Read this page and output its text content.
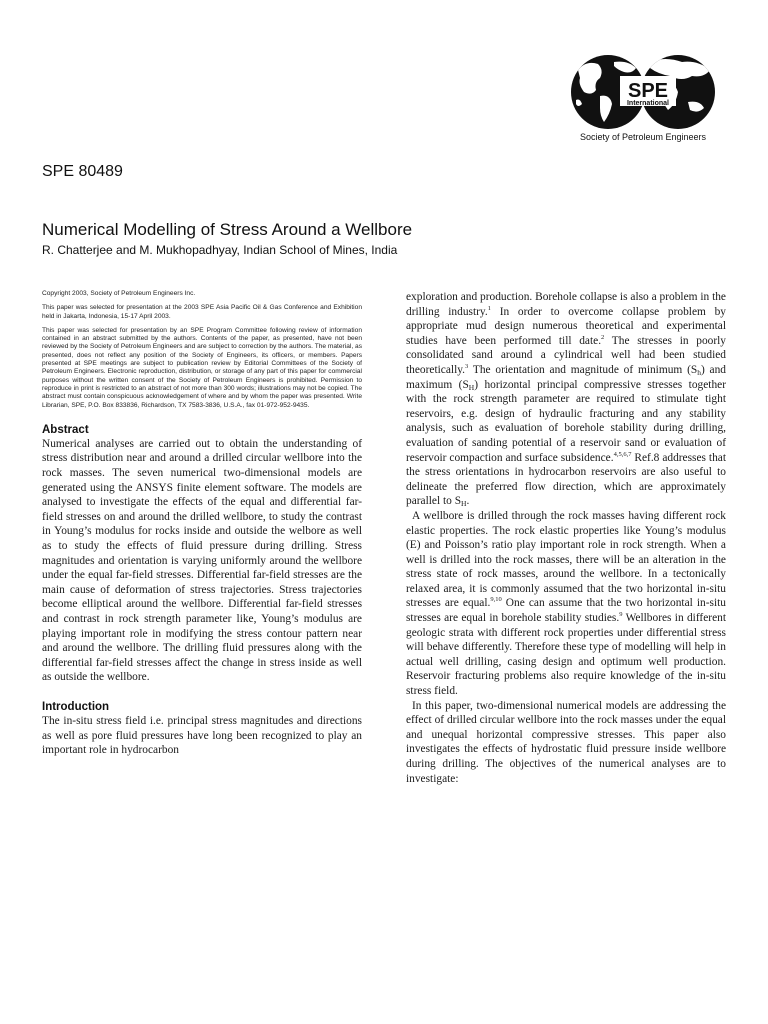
SPE
International
Society of Petroleum Engineers
SPE 80489
Numerical Modelling of Stress Around a Wellbore
R. Chatterjee and M. Mukhopadhyay, Indian School of Mines, India

Copyright 2003, Society of Petroleum Engineers Inc.

This paper was selected for presentation at the 2003 SPE Asia Pacific Oil & Gas Conference and Exhibition held in Jakarta, Indonesia, 15-17 April 2003.

This paper was selected for presentation by an SPE Program Committee following review of information contained in an abstract submitted by the authors. Contents of the paper, as presented, have not been reviewed by the Society of Petroleum Engineers and are subject to correction by the authors. The material, as presented, does not reflect any position of the Society of Engineers, its officers, or members. Papers presented at SPE meetings are subject to publication review by Editorial Committees of the Society of Petroleum Engineers. Electronic reproduction, distribution, or storage of any part of this paper for commercial purposes without the written consent of the Society of Petroleum Engineers is prohibited. Permission to reproduce in print is restricted to an abstract of not more than 300 words; illustrations may not be copied. The abstract must contain conspicuous acknowledgement of where and by whom the paper was presented. Write Librarian, SPE, P.O. Box 833836, Richardson, TX 7583-3836, U.S.A., fax 01-972-952-9435.

Abstract

Numerical analyses are carried out to obtain the understanding of stress distribution near and around a drilled circular wellbore into the rock masses. The seven numerical two-dimensional models are generated using the ANSYS finite element software. The models are analysed to investigate the effects of the equal and differential far-field stresses on and around the drilled wellbore, to study the contrast in Young’s modulus for rocks inside and outside the welbore as well as to study the effects of fluid pressure during drilling. Stress magnitudes and orientation is varying uniformly around the wellbore under the equal far-field stresses. Differential far-field stresses are the main cause of deformation of stress trajectories. Stress trajectories become elliptical around the wellbore. Differential far-field stresses and contrast in rock strength parameter like, Young’s modulus are playing important role in modifying the stress contour pattern near and around the wellbore. The drilling fluid pressures along with the differential far-field stresses affect the change in stress inside as well as outside the wellbore.

Introduction

The in-situ stress field i.e. principal stress magnitudes and directions as well as pore fluid pressures have long been recognized to play an important role in hydrocarbon

exploration and production. Borehole collapse is also a problem in the drilling industry.$^1$ In order to overcome collapse problem by appropriate mud design numerous theoretical and experimental studies have been performed till date.$^2$ The stresses in poorly consolidated sand around a cylindrical well had been studied theoretically.$^3$ The orientation and magnitude of minimum $(S_h)$ and maximum $(S_H)$ horizontal principal compressive stresses together with the rock strength parameter are required to stimulate tight reservoirs, e.g. design of hydraulic fracturing and any stability analysis, such as evaluation of borehole stability during drilling, evaluation of sanding potential of a reservoir sand or evaluation of reservoir compaction and surface subsidence.$^{4,5,6,7}$ Ref.8 addresses that the stress orientations in hydrocarbon reservoirs are also useful to delineate the preferred flow direction, which are approximately parallel to $S_H$.

A wellbore is drilled through the rock masses having different rock elastic properties. The rock elastic properties like Young’s modulus (E) and Poisson’s ratio play important role in rock strength. When a well is drilled into the rock masses, there will be an alteration in the stress state of rock masses, around the wellbore. In a tectonically relaxed area, it is commonly assumed that the two horizontal in-situ stresses are equal.$^{9,10}$ One can assume that the two horizontal in-situ stresses are equal in borehole stability studies.$^9$ Wellbores in different geologic strata with different rock properties under differential stress will behave differently. Therefore these type of modelling will help in actual well drilling, casing design and optimum well production. Reservoir fracturing problems also require knowledge of the in-situ stress field.

In this paper, two-dimensional numerical models are addressing the effect of drilled circular wellbore into the rock masses under the equal and unequal horizontal compressive stresses. This paper also investigates the effects of hydrostatic fluid pressure inside wellbore during drilling. The objectives of the numerical analyses are to investigate:
